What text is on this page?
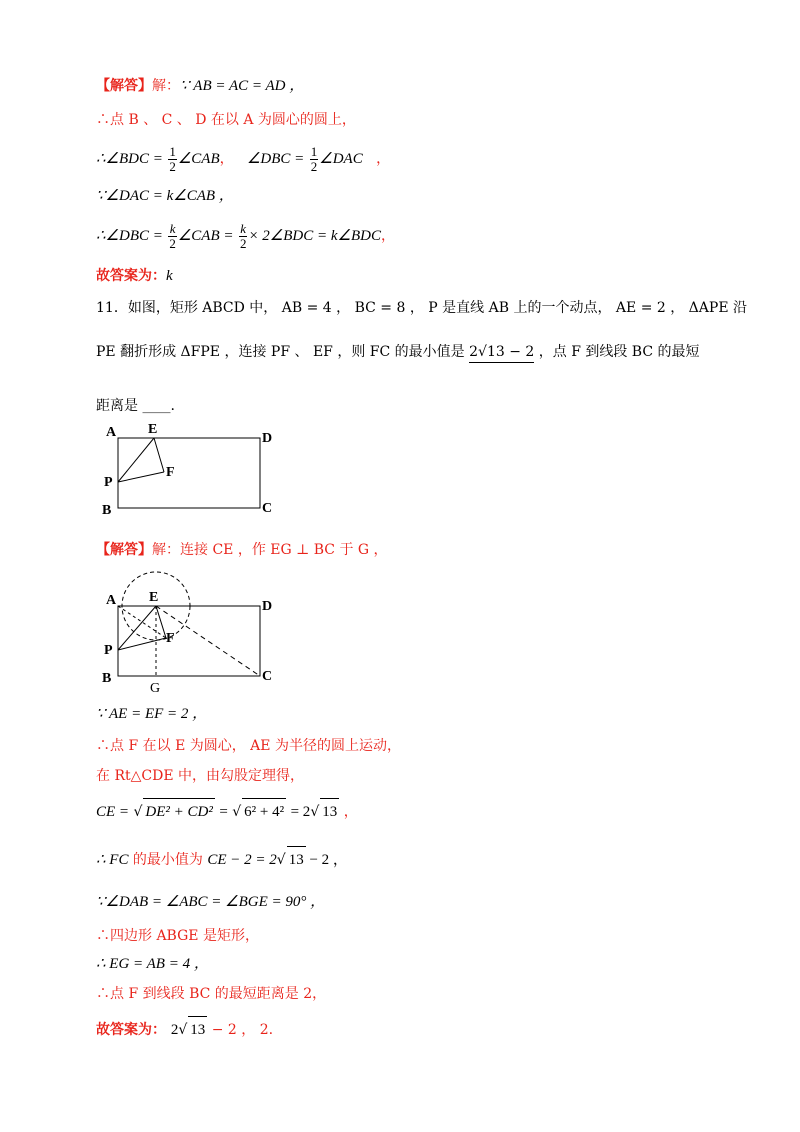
【解答】解：∵ AB = AC = AD ，
∴点 B 、 C 、 D 在以 A 为圆心的圆上，
∴∠BDC = $\frac{1}{2}$ ∠CAB， ∠DBC = $\frac{1}{2}$ ∠DAC ，
∵∠DAC = k∠CAB ，
∴∠DBC = $\frac{k}{2}$ ∠CAB = $\frac{k}{2}$ × 2∠BDC = k∠BDC，
故答案为：k
11．如图，矩形 ABCD 中， AB = 4 ， BC = 8 ， P 是直线 AB 上的一个动点， AE = 2 ， ΔAPE 沿
PE 翻折形成 ΔFPE ，连接 PF 、 EF ，则 FC 的最小值是 2√13 − 2 ，点 F 到线段 BC 的最短
距离是 ____.
A E
D
P
F
B	C
【解答】解：连接 CE ，作 EG ⊥ BC 于 G ，
A E
D
P
F
B
G
C
∵ AE = EF = 2 ，
∴点 F 在以 E 为圆心， AE 为半径的圆上运动，
在 Rt△CDE 中，由勾股定理得，
CE = √ DE² + CD² = √ 6² + 4² = 2√ 13 ，
∴ FC 的最小值为 CE − 2 = 2√ 13 − 2 ，
∵∠DAB = ∠ABC = ∠BGE = 90° ，
∴四边形 ABGE 是矩形，
∴ EG = AB = 4 ，
∴点 F 到线段 BC 的最短距离是 2，
故答案为： 2√ 13 − 2 ， 2.
